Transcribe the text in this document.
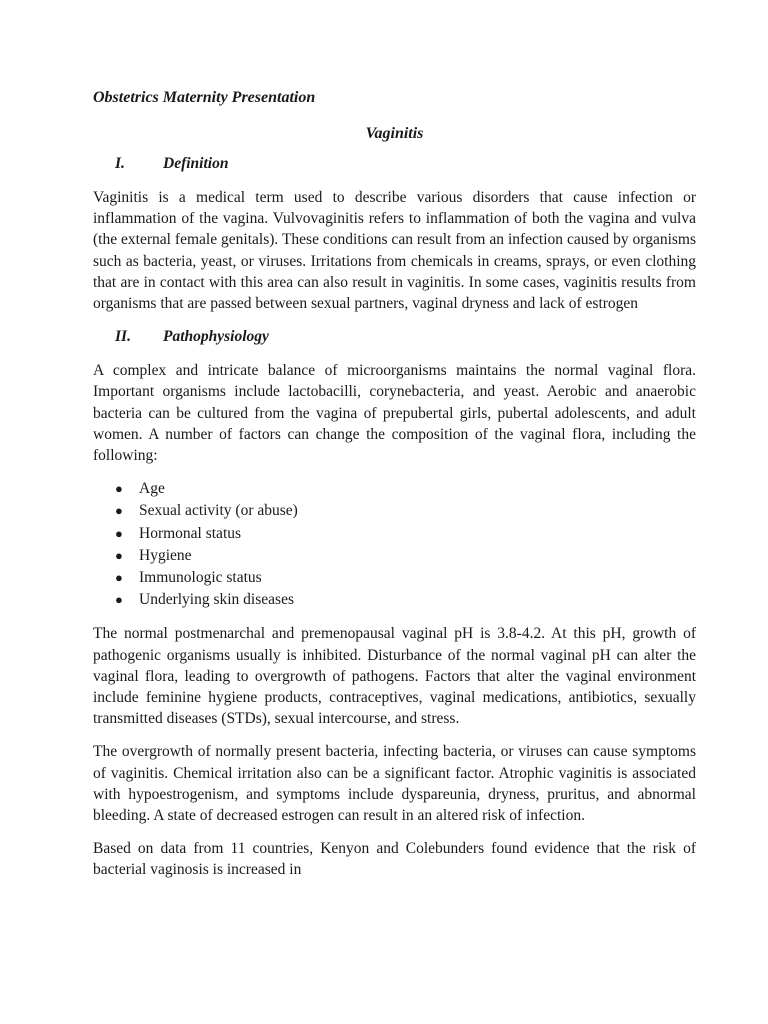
Obstetrics Maternity Presentation
Vaginitis
I.	Definition

Vaginitis is a medical term used to describe various disorders that cause infection or inflammation of the vagina. Vulvovaginitis refers to inflammation of both the vagina and vulva (the external female genitals). These conditions can result from an infection caused by organisms such as bacteria, yeast, or viruses. Irritations from chemicals in creams, sprays, or even clothing that are in contact with this area can also result in vaginitis. In some cases, vaginitis results from organisms that are passed between sexual partners, vaginal dryness and lack of estrogen

II.	Pathophysiology

A complex and intricate balance of microorganisms maintains the normal vaginal flora. Important organisms include lactobacilli, corynebacteria, and yeast. Aerobic and anaerobic bacteria can be cultured from the vagina of prepubertal girls, pubertal adolescents, and adult women. A number of factors can change the composition of the vaginal flora, including the following:

●	Age
●	Sexual activity (or abuse)
●	Hormonal status
●	Hygiene
●	Immunologic status
●	Underlying skin diseases

The normal postmenarchal and premenopausal vaginal pH is 3.8-4.2. At this pH, growth of pathogenic organisms usually is inhibited. Disturbance of the normal vaginal pH can alter the vaginal flora, leading to overgrowth of pathogens. Factors that alter the vaginal environment include feminine hygiene products, contraceptives, vaginal medications, antibiotics, sexually transmitted diseases (STDs), sexual intercourse, and stress.

The overgrowth of normally present bacteria, infecting bacteria, or viruses can cause symptoms of vaginitis. Chemical irritation also can be a significant factor. Atrophic vaginitis is associated with hypoestrogenism, and symptoms include dyspareunia, dryness, pruritus, and abnormal bleeding. A state of decreased estrogen can result in an altered risk of infection.

Based on data from 11 countries, Kenyon and Colebunders found evidence that the risk of bacterial vaginosis is increased in
